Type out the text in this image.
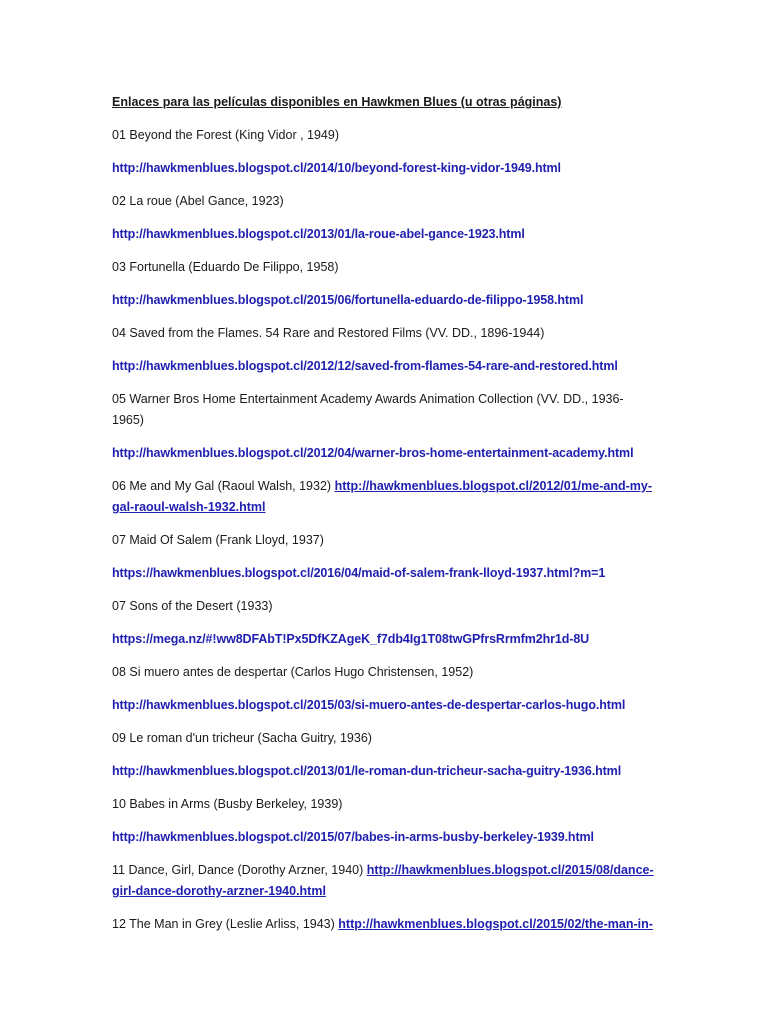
Enlaces para las películas disponibles en Hawkmen Blues (u otras páginas)
01 Beyond the Forest (King Vidor , 1949)
http://hawkmenblues.blogspot.cl/2014/10/beyond-forest-king-vidor-1949.html
02 La roue (Abel Gance, 1923)
http://hawkmenblues.blogspot.cl/2013/01/la-roue-abel-gance-1923.html
03 Fortunella (Eduardo De Filippo, 1958)
http://hawkmenblues.blogspot.cl/2015/06/fortunella-eduardo-de-filippo-1958.html
04 Saved from the Flames. 54 Rare and Restored Films (VV. DD., 1896-1944)
http://hawkmenblues.blogspot.cl/2012/12/saved-from-flames-54-rare-and-restored.html
05 Warner Bros Home Entertainment Academy Awards Animation Collection (VV. DD., 1936-
1965)
http://hawkmenblues.blogspot.cl/2012/04/warner-bros-home-entertainment-academy.html
06 Me and My Gal (Raoul Walsh, 1932) http://hawkmenblues.blogspot.cl/2012/01/me-and-my-
gal-raoul-walsh-1932.html
07 Maid Of Salem (Frank Lloyd, 1937)
https://hawkmenblues.blogspot.cl/2016/04/maid-of-salem-frank-lloyd-1937.html?m=1
07 Sons of the Desert (1933)
https://mega.nz/#!ww8DFAbT!Px5DfKZAgeK_f7db4Ig1T08twGPfrsRrmfm2hr1d-8U
08 Si muero antes de despertar (Carlos Hugo Christensen, 1952)
http://hawkmenblues.blogspot.cl/2015/03/si-muero-antes-de-despertar-carlos-hugo.html
09 Le roman d'un tricheur (Sacha Guitry, 1936)
http://hawkmenblues.blogspot.cl/2013/01/le-roman-dun-tricheur-sacha-guitry-1936.html
10 Babes in Arms (Busby Berkeley, 1939)
http://hawkmenblues.blogspot.cl/2015/07/babes-in-arms-busby-berkeley-1939.html
11 Dance, Girl, Dance (Dorothy Arzner, 1940) http://hawkmenblues.blogspot.cl/2015/08/dance-
girl-dance-dorothy-arzner-1940.html
12 The Man in Grey (Leslie Arliss, 1943) http://hawkmenblues.blogspot.cl/2015/02/the-man-in-
